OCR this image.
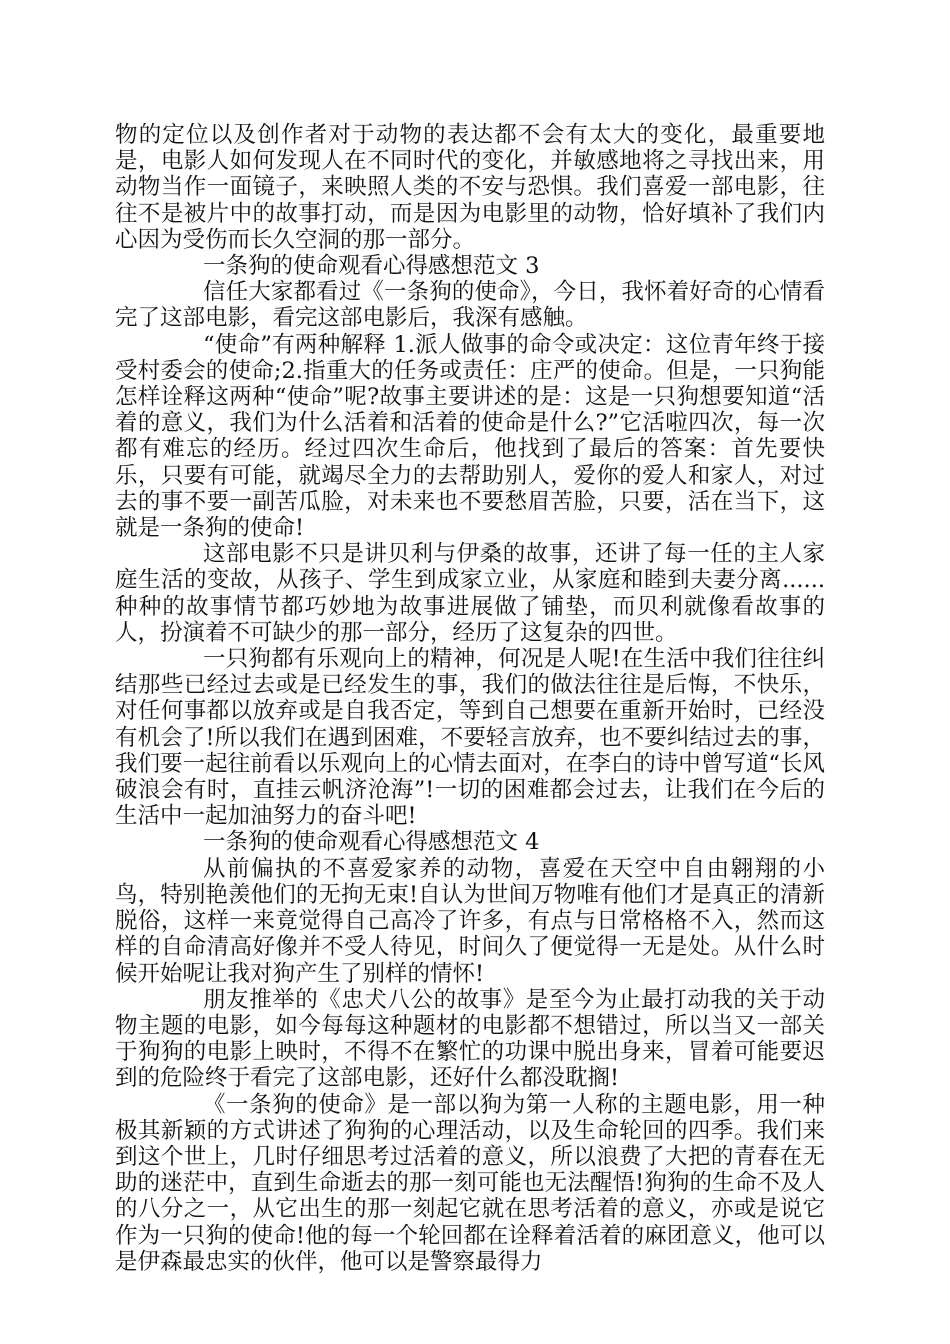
物的定位以及创作者对于动物的表达都不会有太大的变化，最重要地是，电影人如何发现人在不同时代的变化，并敏感地将之寻找出来，用动物当作一面镜子，来映照人类的不安与恐惧。我们喜爱一部电影，往往不是被片中的故事打动，而是因为电影里的动物，恰好填补了我们内心因为受伤而长久空洞的那一部分。

一条狗的使命观看心得感想范文 3

信任大家都看过《一条狗的使命》，今日，我怀着好奇的心情看完了这部电影，看完这部电影后，我深有感触。

“使命”有两种解释 1.派人做事的命令或决定：这位青年终于接受村委会的使命;2.指重大的任务或责任：庄严的使命。但是，一只狗能怎样诠释这两种“使命”呢?故事主要讲述的是：这是一只狗想要知道“活着的意义，我们为什么活着和活着的使命是什么?”它活啦四次，每一次都有难忘的经历。经过四次生命后，他找到了最后的答案：首先要快乐，只要有可能，就竭尽全力的去帮助别人，爱你的爱人和家人，对过去的事不要一副苦瓜脸，对未来也不要愁眉苦脸，只要，活在当下，这就是一条狗的使命!

这部电影不只是讲贝利与伊桑的故事，还讲了每一任的主人家庭生活的变故，从孩子、学生到成家立业，从家庭和睦到夫妻分离......种种的故事情节都巧妙地为故事进展做了铺垫，而贝利就像看故事的人，扮演着不可缺少的那一部分，经历了这复杂的四世。

一只狗都有乐观向上的精神，何况是人呢!在生活中我们往往纠结那些已经过去或是已经发生的事，我们的做法往往是后悔，不快乐，对任何事都以放弃或是自我否定，等到自己想要在重新开始时，已经没有机会了!所以我们在遇到困难，不要轻言放弃，也不要纠结过去的事，我们要一起往前看以乐观向上的心情去面对，在李白的诗中曾写道“长风破浪会有时，直挂云帆济沧海”!一切的困难都会过去，让我们在今后的生活中一起加油努力的奋斗吧!

一条狗的使命观看心得感想范文 4

从前偏执的不喜爱家养的动物，喜爱在天空中自由翱翔的小鸟，特别艳羡他们的无拘无束!自认为世间万物唯有他们才是真正的清新脱俗，这样一来竟觉得自己高冷了许多，有点与日常格格不入，然而这样的自命清高好像并不受人待见，时间久了便觉得一无是处。从什么时候开始呢让我对狗产生了别样的情怀!

朋友推举的《忠犬八公的故事》是至今为止最打动我的关于动物主题的电影，如今每每这种题材的电影都不想错过，所以当又一部关于狗狗的电影上映时，不得不在繁忙的功课中脱出身来，冒着可能要迟到的危险终于看完了这部电影，还好什么都没耽搁!

《一条狗的使命》是一部以狗为第一人称的主题电影，用一种极其新颖的方式讲述了狗狗的心理活动，以及生命轮回的四季。我们来到这个世上，几时仔细思考过活着的意义，所以浪费了大把的青春在无助的迷茫中，直到生命逝去的那一刻可能也无法醒悟!狗狗的生命不及人的八分之一，从它出生的那一刻起它就在思考活着的意义，亦或是说它作为一只狗的使命!他的每一个轮回都在诠释着活着的麻团意义，他可以是伊森最忠实的伙伴，他可以是警察最得力
